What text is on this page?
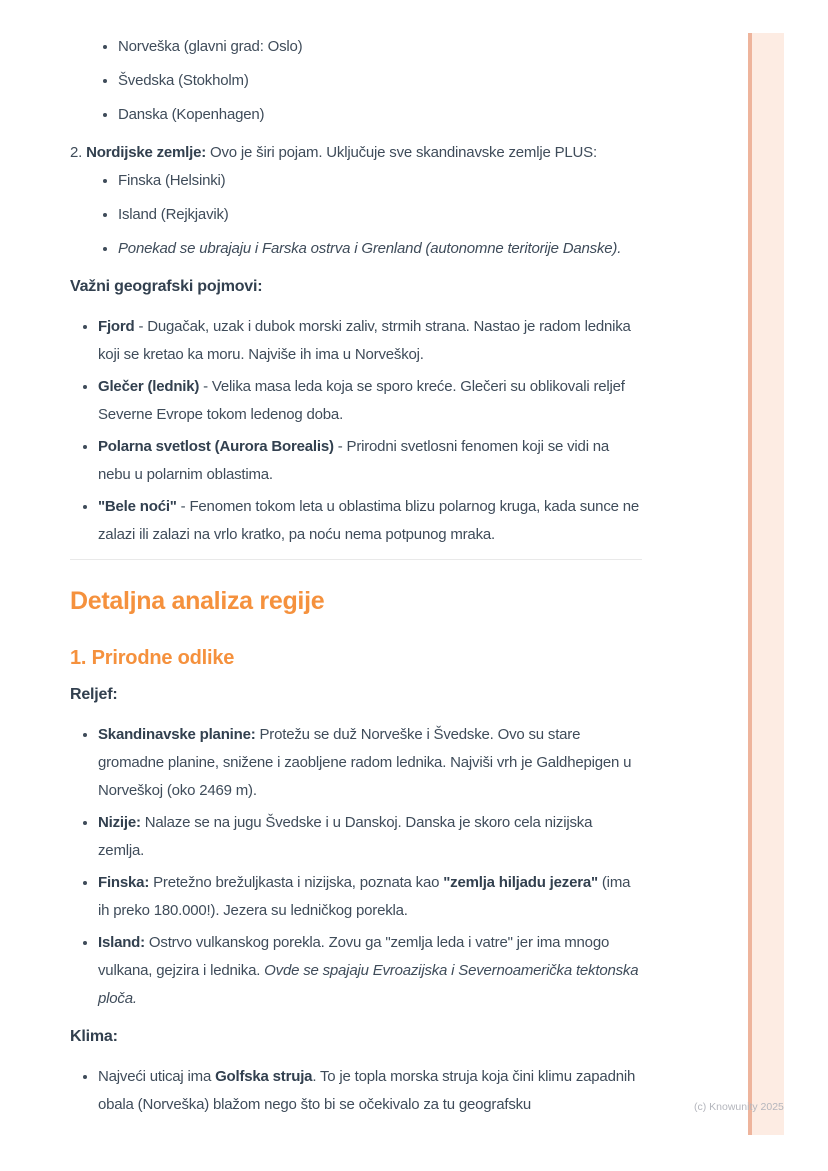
• Norveška (glavni grad: Oslo)
• Švedska (Stokholm)
• Danska (Kopenhagen)

2. Nordijske zemlje: Ovo je širi pojam. Uključuje sve skandinavske zemlje PLUS:

• Finska (Helsinki)
• Island (Rejkjavik)
• Ponekad se ubrajaju i Farska ostrva i Grenland (autonomne teritorije Danske).

Važni geografski pojmovi:

• Fjord - Dugačak, uzak i dubok morski zaliv, strmih strana. Nastao je radom lednika koji se kretao ka moru. Najviše ih ima u Norveškoj.
• Glečer (lednik) - Velika masa leda koja se sporo kreće. Glečeri su oblikovali reljef Severne Evrope tokom ledenog doba.
• Polarna svetlost (Aurora Borealis) - Prirodni svetlosni fenomen koji se vidi na nebu u polarnim oblastima.
• "Bele noći" - Fenomen tokom leta u oblastima blizu polarnog kruga, kada sunce ne zalazi ili zalazi na vrlo kratko, pa noću nema potpunog mraka.
Detaljna analiza regije
1. Prirodne odlike

Reljef:

• Skandinavske planine: Protežu se duž Norveške i Švedske. Ovo su stare gromadne planine, snižene i zaobljene radom lednika. Najviši vrh je Galdhepigen u Norveškoj (oko 2469 m).
• Nizije: Nalaze se na jugu Švedske i u Danskoj. Danska je skoro cela nizijska zemlja.
• Finska: Pretežno brežuljkasta i nizijska, poznata kao "zemlja hiljadu jezera" (ima ih preko 180.000!). Jezera su ledničkog porekla.
• Island: Ostrvo vulkanskog porekla. Zovu ga "zemlja leda i vatre" jer ima mnogo vulkana, gejzira i lednika. Ovde se spajaju Evroazijska i Severnoamerička tektonska ploča.

Klima:

• Najveći uticaj ima Golfska struja. To je topla morska struja koja čini klimu zapadnih obala (Norveška) blažom nego što bi se očekivalo za tu geografsku	(c) Knowunity 2025
